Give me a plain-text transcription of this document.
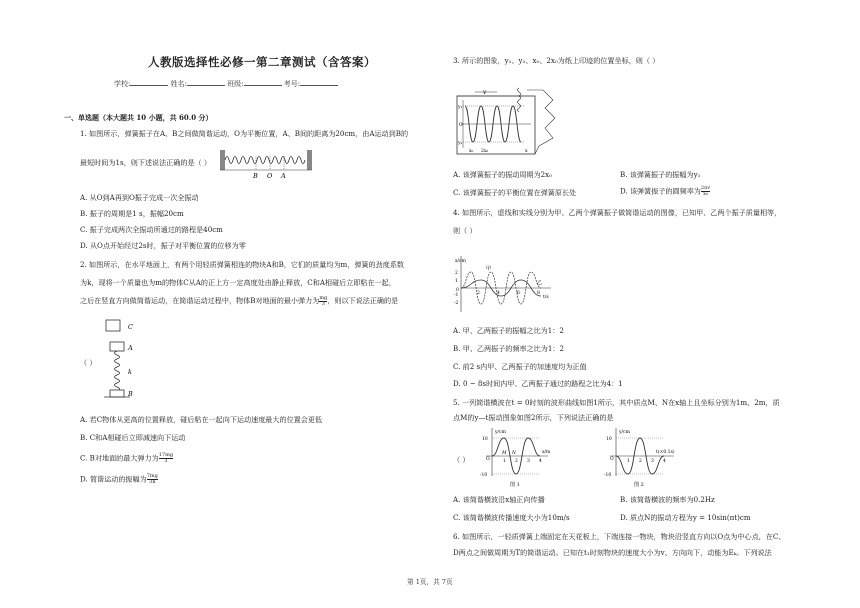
人教版选择性必修一第二章测试（含答案）
学校:	姓名:	班级:	考号:
一、单选题（本大题共 10 小题，共 60.0 分）
1. 如图所示，弹簧振子在A、B之间做简谐运动，O为平衡位置，A、B间的距离为20cm，由A运动到B的
最短时间为1s，则下述说法正确的是（ ）
B O A
A. 从O到A再到O振子完成一次全振动
B. 振子的周期是1 s，振幅20cm
C. 振子完成两次全振动所通过的路程是40cm
D. 从O点开始经过2s时，振子对平衡位置的位移为零
2. 如图所示，在水平地面上，有两个用轻质弹簧相连的物块A和B，它们的质量均为m，弹簧的劲度系数
为k，现将一个质量也为m的物体C从A的正上方一定高度处由静止释放，C和A相碰后立即粘在一起，
之后在竖直方向做简谐运动，在简谐运动过程中，物体B对地面的最小弹力为 $\frac{mg}{3}$ ，则以下说法正确的是
（ ）
C
A
k
B
A. 若C物体从更高的位置释放，碰后粘在一起向下运动速度最大的位置会更低
B. C和A相碰后立即减速向下运动
C. B对地面的最大弹力为 $\frac{17mg}{3}$
D. 简谐运动的振幅为 $\frac{7mg}{3k}$
3. 所示的图象，y₁、y₂、x₀、2x₀为纸上印迹的位置坐标，则（ ）
v
y₁
O
y₂
x₀ 2x₀	x
A. 该弹簧振子的振动周期为2x₀	B. 该弹簧振子的振幅为y₁
C. 该弹簧振子的平衡位置在弹簧原长处	D. 该弹簧振子的圆频率为 $\frac{2\pi v}{\text{x₀}}$
4. 如图所示，虚线和实线分别为甲、乙两个弹簧振子做简谐运动的图像，已知甲、乙两个振子质量相等，
则（ ）
x/cm
2
1
0
-1
-2
甲
乙
t/s
2	4	6	8
A. 甲、乙两振子的振幅之比为1：2
B. 甲、乙两振子的频率之比为1：2
C. 前2 s内甲、乙两振子的加速度均为正值
D. 0 ~ 8s时间内甲、乙两振子通过的路程之比为4：1
5. 一列简谐横波在t = 0时刻的波形曲线如图1所示，其中质点M、N在x轴上且坐标分别为1m、2m，质
点M的y—t振动图象如图2所示，下列说法正确的是
（ ）
y/cm
10
O
-10
M N
1 2 3 4
x/m
图 1
y/cm
10
O
-10
1 2 3 4
t(×0.1s)
图 2
A. 该简谐横波沿x轴正向传播	B. 该简谐横波的频率为0.2Hz
C. 该简谐横波传播速度大小为10m/s	D. 质点N的振动方程为y = 10sin(πt)cm
6. 如图所示，一轻质弹簧上端固定在天花板上，下端连接一物块，物块沿竖直方向以O点为中心点，在C、
D两点之间做周期为T的简谐运动。已知在t₁时刻物块的速度大小为v、方向向下，动能为Eₖ。下列说法
第 1页，共 7页
